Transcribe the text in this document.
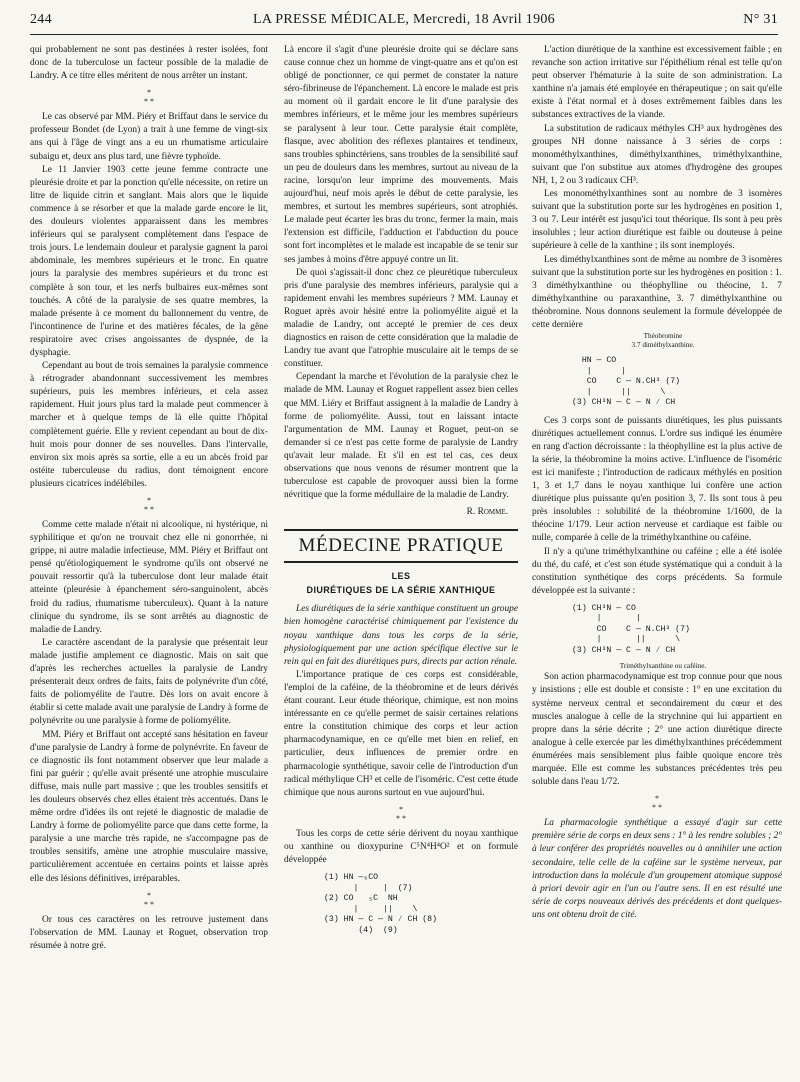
244	LA PRESSE MÉDICALE, Mercredi, 18 Avril 1906	N° 31

qui probablement ne sont pas destinées à rester isolées, font donc de la tuberculose un facteur possible de la maladie de Landry. A ce titre elles méritent de nous arrêter un instant.

*
* *

Le cas observé par MM. Piéry et Briffaut dans le service du professeur Bondet (de Lyon) a trait à une femme de vingt-six ans qui à l'âge de vingt ans a eu un rhumatisme articulaire subaigu et, deux ans plus tard, une fièvre typhoïde.

Le 11 Janvier 1903 cette jeune femme contracte une pleurésie droite et par la ponction qu'elle nécessite, on retire un litre de liquide citrin et sanglant. Mais alors que le liquide commence à se résorber et que la malade garde encore le lit, des douleurs violentes apparaissent dans les membres inférieurs qui se paralysent complètement dans l'espace de trois jours. Le lendemain douleur et paralysie gagnent la paroi abdominale, les membres supérieurs et le tronc. En quatre jours la paralysie des membres supérieurs et du tronc est complète à son tour, et les nerfs bulbaires eux-mêmes sont touchés. A côté de la paralysie de ses quatre membres, la malade présente à ce moment du ballonnement du ventre, de l'incontinence de l'urine et des matières fécales, de la gêne respiratoire avec crises angoissantes de dyspnée, de la dysphagie.

Cependant au bout de trois semaines la paralysie commence à rétrograder abandonnant successivement les membres supérieurs, puis les membres inférieurs, et cela assez rapidement. Huit jours plus tard la malade peut commencer à marcher et à quelque temps de là elle quitte l'hôpital complètement guérie. Elle y revient cependant au bout de dix-huit mois pour donner de ses nouvelles. Dans l'intervalle, environ six mois après sa sortie, elle a eu un abcès froid par ostéite tuberculeuse du radius, dont témoignent encore plusieurs cicatrices indélébiles.

*
* *

Comme cette malade n'était ni alcoolique, ni hystérique, ni syphilitique et qu'on ne trouvait chez elle ni gonorrhée, ni grippe, ni autre maladie infectieuse, MM. Piéry et Briffaut ont pensé qu'étiologiquement le syndrome qu'ils ont observé ne pouvait ressortir qu'à la tuberculose dont leur malade était atteinte (pleurésie à épanchement séro-sanguinolent, abcès froid du radius, rhumatisme tuberculeux). Quant à la nature clinique du syndrome, ils se sont arrêtés au diagnostic de maladie de Landry.

Le caractère ascendant de la paralysie que présentait leur malade justifie amplement ce diagnostic. Mais on sait que d'après les recherches actuelles la paralysie de Landry présenterait deux ordres de faits, faits de polynévrite d'un côté, faits de poliomyélite de l'autre. Dès lors on avait encore à établir si cette malade avait une paralysie de Landry à forme de polynévrite ou une paralysie à forme de poliomyélite.

MM. Piéry et Briffaut ont accepté sans hésitation en faveur d'une paralysie de Landry à forme de polynévrite. En faveur de ce diagnostic ils font notamment observer que leur malade a fini par guérir ; qu'elle avait présenté une atrophie musculaire diffuse, mais nulle part massive ; que les troubles sensitifs et les douleurs observés chez elles étaient très accentués. Dans le même ordre d'idées ils ont rejeté le diagnostic de maladie de Landry à forme de poliomyélite parce que dans cette forme, la paralysie a une marche très rapide, ne s'accompagne pas de troubles sensitifs, amène une atrophie musculaire massive, particulièrement accentuée en certains points et laisse après elle des lésions définitives, irréparables.

*
* *

Or tous ces caractères on les retrouve justement dans l'observation de MM. Launay et Roguet, observation trop résumée à notre gré.

Là encore il s'agit d'une pleurésie droite qui se déclare sans cause connue chez un homme de vingt-quatre ans et qu'on est obligé de ponctionner, ce qui permet de constater la nature séro-fibrineuse de l'épanchement. Là encore le malade est pris au moment où il gardait encore le lit d'une paralysie des membres inférieurs, et le même jour les membres supérieurs se paralysent à leur tour. Cette paralysie était complète, flasque, avec abolition des réflexes plantaires et tendineux, sans troubles sphinctériens, sans troubles de la sensibilité sauf un peu de douleurs dans les membres, surtout au niveau de la racine, lorsqu'on leur imprime des mouvements. Mais aujourd'hui, neuf mois après le début de cette paralysie, les membres, et surtout les membres supérieurs, sont atrophiés. Le malade peut écarter les bras du tronc, fermer la main, mais l'extension est difficile, l'adduction et l'abduction du pouce sont fort incomplètes et le malade est incapable de se tenir sur ses jambes à moins d'être appuyé contre un lit.

De quoi s'agissait-il donc chez ce pleurétique tuberculeux pris d'une paralysie des membres inférieurs, paralysie qui a rapidement envahi les membres supérieurs ? MM. Launay et Roguet après avoir hésité entre la poliomyélite aiguë et la maladie de Landry, ont accepté le premier de ces deux diagnostics en raison de cette considération que la maladie de Landry tue avant que l'atrophie musculaire ait le temps de se constituer.

Cependant la marche et l'évolution de la paralysie chez le malade de MM. Launay et Roguet rappellent assez bien celles que MM. Liéry et Briffaut assignent à la maladie de Landry à forme de poliomyélite. Aussi, tout en laissant intacte l'argumentation de MM. Launay et Roguet, peut-on se demander si ce n'est pas cette forme de paralysie de Landry qu'avait leur malade. Et s'il en est tel cas, ces deux observations que nous venons de résumer montrent que la tuberculose est capable de provoquer aussi bien la forme névritique que la forme médullaire de la maladie de Landry.

R. Romme.

MÉDECINE PRATIQUE
LES
DIURÉTIQUES DE LA SÉRIE XANTHIQUE

Les diurétiques de la série xanthique constituent un groupe bien homogène caractérisé chimiquement par l'existence du noyau xanthique dans tous les corps de la série, physiologiquement par une action spécifique élective sur le rein qui en fait des diurétiques purs, directs par action rénale.

L'importance pratique de ces corps est considérable, l'emploi de la caféine, de la théobromine et de leurs dérivés étant courant. Leur étude théorique, chimique, est non moins intéressante en ce qu'elle permet de saisir certaines relations entre la constitution chimique des corps et leur action pharmacodynamique, en ce qu'elle met bien en relief, en particulier, deux influences de premier ordre en pharmacologie synthétique, savoir celle de l'introduction d'un radical méthylique CH³ et celle de l'isoméric. C'est cette étude chimique que nous aurons surtout en vue aujourd'hui.

*
* *

Tous les corps de cette série dérivent du noyau xanthique ou xanthine ou dioxypurine C⁵N⁴H⁴O² et on formule développée

(1) HN —₆CO
|     |  (7)
(2) CO   ₅C  NH
|     ||    \
(3) HN — C — N ⁄ CH (8)
(4)  (9)

L'action diurétique de la xanthine est excessivement faible ; en revanche son action irritative sur l'épithélium rénal est telle qu'on peut observer l'hématurie à la suite de son administration. La xanthine n'a jamais été employée en thérapeutique ; on sait qu'elle existe à l'état normal et à doses extrêmement faibles dans les substances extractives de la viande.

La substitution de radicaux méthyles CH³ aux hydrogènes des groupes NH donne naissance à 3 séries de corps : monométhylxanthines, diméthylxanthines, triméthylxanthine, suivant que l'on substitue aux atomes d'hydrogène des groupes NH, 1, 2 ou 3 radicaux CH³.

Les monométhylxanthines sont au nombre de 3 isomères suivant que la substitution porte sur les hydrogènes en position 1, 3 ou 7. Leur intérêt est jusqu'ici tout théorique. Ils sont à peu près insolubles ; leur action diurétique est faible ou douteuse à peine supérieure à celle de la xanthine ; ils sont inemployés.

Les diméthylxanthines sont de même au nombre de 3 isomères suivant que la substitution porte sur les hydrogènes en position : 1. 3 diméthylxanthine ou théophylline ou théocine, 1. 7 diméthylxanthine ou paraxanthine, 3. 7 diméthylxanthine ou théobromine. Nous donnons seulement la formule développée de cette dernière

Théobromine

3.7 diméthylxanthine.

HN — CO
|      |
CO    C — N.CH³ (7)
|      ||      \
(3) CH³N — C — N ⁄ CH

Ces 3 corps sont de puissants diurétiques, les plus puissants diurétiques actuellement connus. L'ordre sus indiqué les énumère en rang d'action décroissante : la théophylline est la plus active de la série, la théobromine la moins active. L'influence de l'isoméric est ici manifeste ; l'introduction de radicaux méthylés en position 1, 3 et 1,7 dans le noyau xanthique lui confère une action diurétique plus puissante qu'en position 3, 7. Ils sont tous à peu près insolubles : solubilité de la théobromine 1/1600, de la théocine 1/179. Leur action nerveuse et cardiaque est faible ou nulle, comparée à celle de la triméthylxanthine ou caféine.

Il n'y a qu'une triméthylxanthine ou caféine ; elle a été isolée du thé, du café, et c'est son étude systématique qui a conduit à la constitution synthétique des corps précédents. Sa formule développée est la suivante :

(1) CH³N — CO
|       |
CO    C — N.CH³ (7)
|       ||      \
(3) CH³N — C — N ⁄ CH

Triméthylxanthine ou caféine.

Son action pharmacodynamique est trop connue pour que nous y insistions ; elle est double et consiste : 1° en une excitation du système nerveux central et secondairement du cœur et des muscles analogue à celle de la strychnine qui lui appartient en propre dans la série décrite ; 2° une action diurétique directe analogue à celle exercée par les diméthylxanthines précédemment énumérées mais sensiblement plus faible quoique encore très marquée. Elle est comme les substances précédentes très peu soluble dans l'eau 1/72.

*
* *

La pharmacologie synthétique a essayé d'agir sur cette première série de corps en deux sens : 1° à les rendre solubles ; 2° à leur conférer des propriétés nouvelles ou à annihiler une action secondaire, telle celle de la caféine sur le système nerveux, par introduction dans la molécule d'un groupement atomique supposé à priori devoir agir en l'un ou l'autre sens. Il en est résulté une série de corps nouveaux dérivés des précédents et dont quelques-uns ont obtenu droit de cité.
